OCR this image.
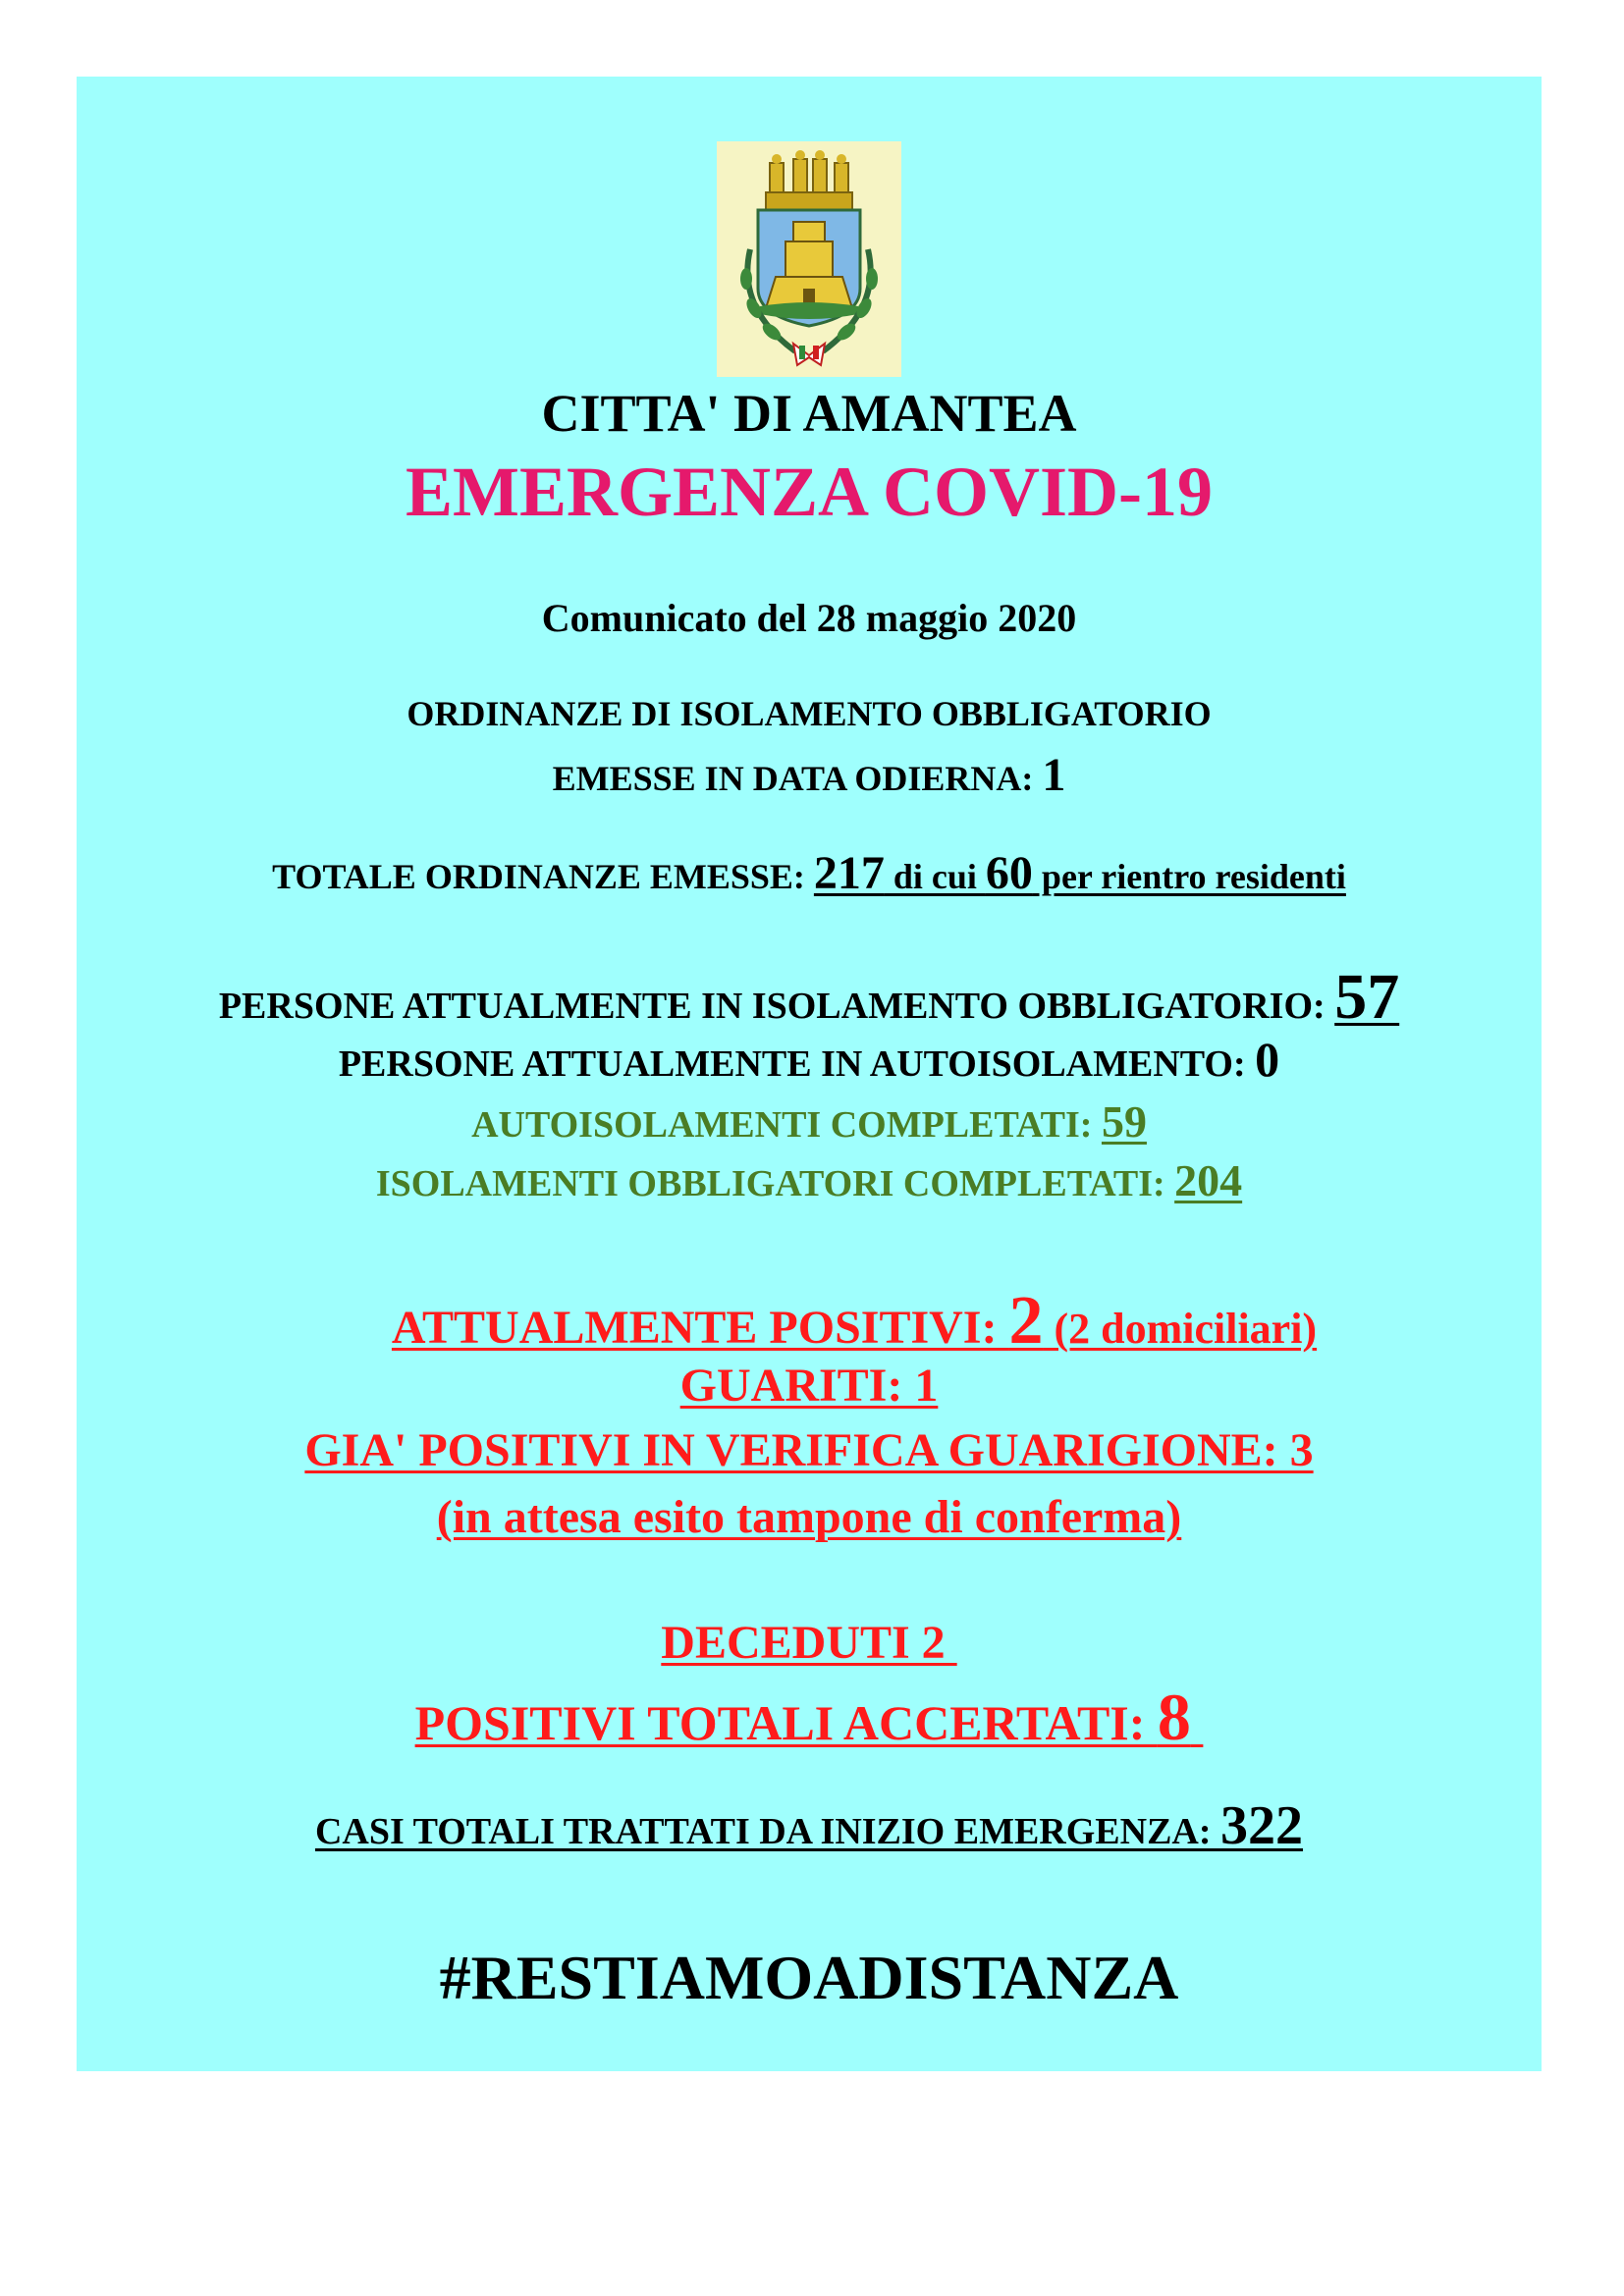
CITTA' DI AMANTEA
EMERGENZA COVID-19
Comunicato del 28 maggio 2020
ORDINANZE DI ISOLAMENTO OBBLIGATORIO
EMESSE IN DATA ODIERNA: 1
TOTALE ORDINANZE EMESSE: 217 di cui 60 per rientro residenti
PERSONE ATTUALMENTE IN ISOLAMENTO OBBLIGATORIO: 57
PERSONE ATTUALMENTE IN AUTOISOLAMENTO: 0
AUTOISOLAMENTI COMPLETATI: 59
ISOLAMENTI OBBLIGATORI COMPLETATI: 204
ATTUALMENTE POSITIVI: 2 (2 domiciliari)
GUARITI: 1
GIA' POSITIVI IN VERIFICA GUARIGIONE: 3
(in attesa esito tampone di conferma)
DECEDUTI 2
POSITIVI TOTALI ACCERTATI: 8
CASI TOTALI TRATTATI DA INIZIO EMERGENZA: 322
#RESTIAMOADISTANZA
